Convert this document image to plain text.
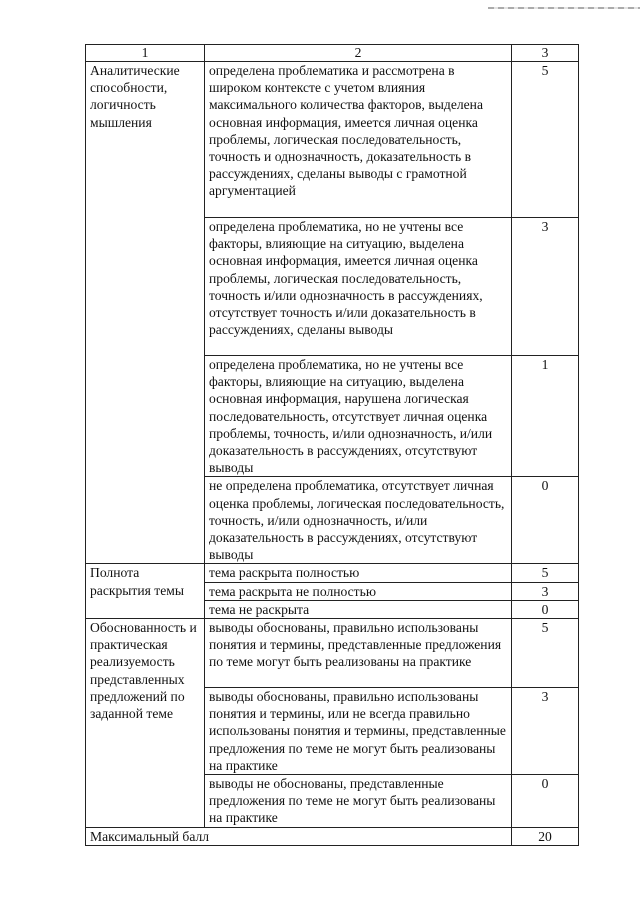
1	2	3

Аналитические способности, логичность мышления	определена проблематика и рассмотрена в широком контексте с учетом влияния максимального количества факторов, выделена основная информация, имеется личная оценка проблемы, логическая последовательность, точность и однозначность, доказательность в рассуждениях, сделаны выводы с грамотной аргументацией	5
	определена проблематика, но не учтены все факторы, влияющие на ситуацию, выделена основная информация, имеется личная оценка проблемы, логическая последовательность, точность и/или однозначность в рассуждениях, отсутствует точность и/или доказательность в рассуждениях, сделаны выводы	3
	определена проблематика, но не учтены все факторы, влияющие на ситуацию, выделена основная информация, нарушена логическая последовательность, отсутствует личная оценка проблемы, точность, и/или однозначность, и/или доказательность в рассуждениях, отсутствуют выводы	1
	не определена проблематика, отсутствует личная оценка проблемы, логическая последовательность, точность, и/или однозначность, и/или доказательность в рассуждениях, отсутствуют выводы	0

Полнота раскрытия темы	тема раскрыта полностью	5
	тема раскрыта не полностью	3
	тема не раскрыта	0

Обоснованность и практическая реализуемость представленных предложений по заданной теме	выводы обоснованы, правильно использованы понятия и термины, представленные предложения по теме могут быть реализованы на практике	5
	выводы обоснованы, правильно использованы понятия и термины, или не всегда правильно использованы понятия и термины, представленные предложения по теме не могут быть реализованы на практике	3
	выводы не обоснованы, представленные предложения по теме не могут быть реализованы на практике	0
Максимальный балл		20
